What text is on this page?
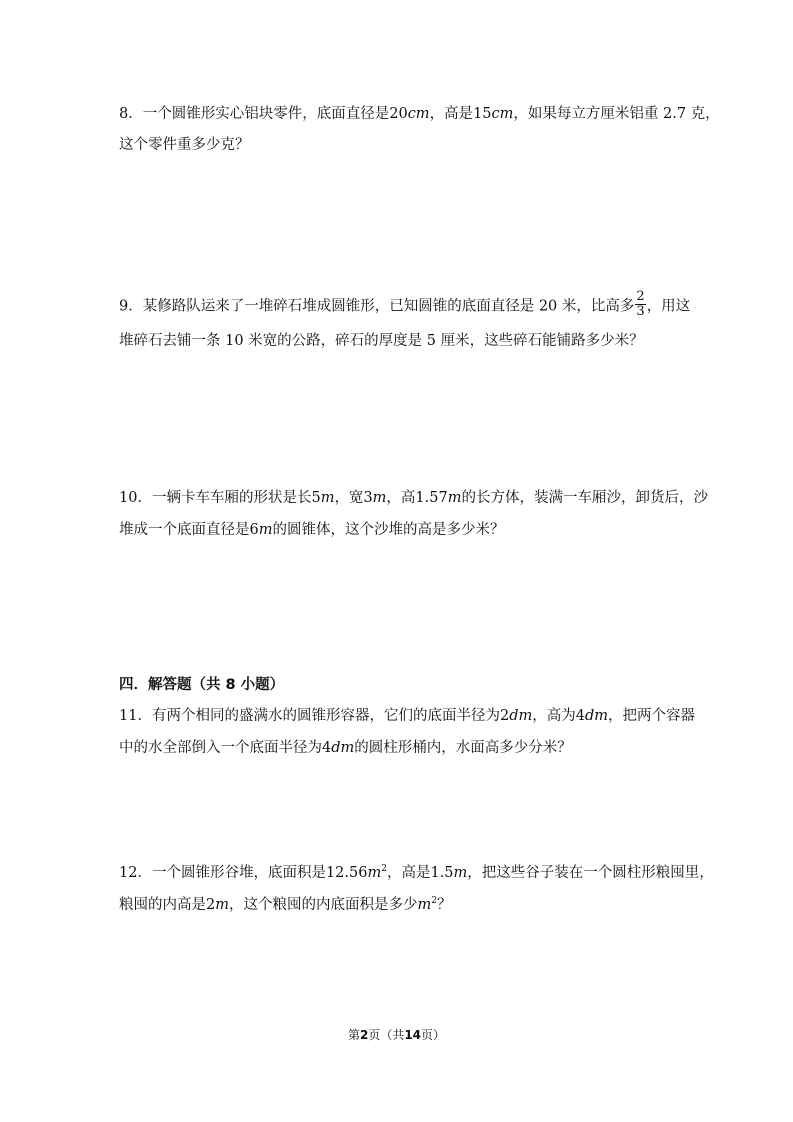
8．一个圆锥形实心铝块零件，底面直径是20cm，高是15cm，如果每立方厘米铝重 2.7 克，
这个零件重多少克？
9．某修路队运来了一堆碎石堆成圆锥形，已知圆锥的底面直径是 20 米，比高多 $\frac{2}{3}$ ，用这
堆碎石去铺一条 10 米宽的公路，碎石的厚度是 5 厘米，这些碎石能铺路多少米？
10．一辆卡车车厢的形状是长5m，宽3m，高1.57m的长方体，装满一车厢沙，卸货后，沙
堆成一个底面直径是6m的圆锥体，这个沙堆的高是多少米？
四．解答题（共 8 小题）
11．有两个相同的盛满水的圆锥形容器，它们的底面半径为2dm，高为4dm，把两个容器
中的水全部倒入一个底面半径为4dm的圆柱形桶内，水面高多少分米？
12．一个圆锥形谷堆，底面积是$12.56m^2$，高是1.5m，把这些谷子装在一个圆柱形粮囤里，
粮囤的内高是2m，这个粮囤的内底面积是多少$m^2$？
第2页（共14页）
